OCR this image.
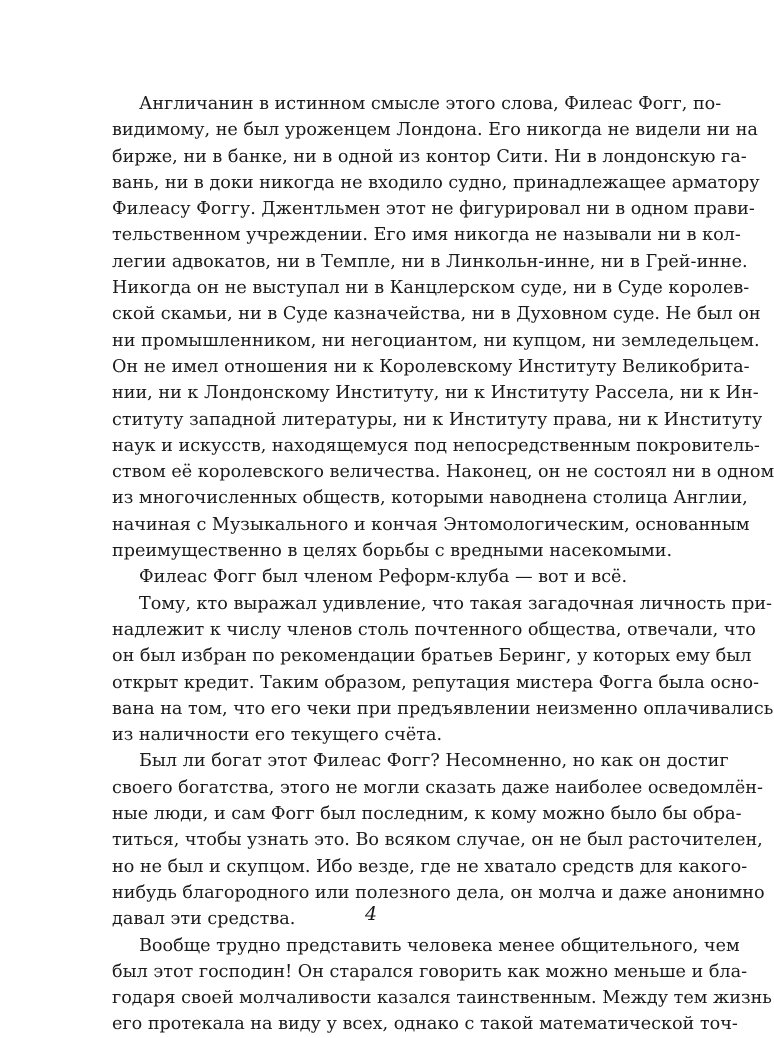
Англичанин в истинном смысле этого слова, Филеас Фогг, по-
видимому, не был уроженцем Лондона. Его никогда не видели ни на
бирже, ни в банке, ни в одной из контор Сити. Ни в лондонскую га-
вань, ни в доки никогда не входило судно, принадлежащее арматору
Филеасу Фоггу. Джентльмен этот не фигурировал ни в одном прави-
тельственном учреждении. Его имя никогда не называли ни в кол-
легии адвокатов, ни в Темпле, ни в Линкольн-инне, ни в Грей-инне.
Никогда он не выступал ни в Канцлерском суде, ни в Суде королев-
ской скамьи, ни в Суде казначейства, ни в Духовном суде. Не был он
ни промышленником, ни негоциантом, ни купцом, ни земледельцем.
Он не имел отношения ни к Королевскому Институту Великобрита-
нии, ни к Лондонскому Институту, ни к Институту Рассела, ни к Ин-
ституту западной литературы, ни к Институту права, ни к Институту
наук и искусств, находящемуся под непосредственным покровитель-
ством её королевского величества. Наконец, он не состоял ни в одном
из многочисленных обществ, которыми наводнена столица Англии,
начиная с Музыкального и кончая Энтомологическим, основанным
преимущественно в целях борьбы с вредными насекомыми.
Филеас Фогг был членом Реформ-клуба — вот и всё.
Тому, кто выражал удивление, что такая загадочная личность при-
надлежит к числу членов столь почтенного общества, отвечали, что
он был избран по рекомендации братьев Беринг, у которых ему был
открыт кредит. Таким образом, репутация мистера Фогга была осно-
вана на том, что его чеки при предъявлении неизменно оплачивались
из наличности его текущего счёта.
Был ли богат этот Филеас Фогг? Несомненно, но как он достиг
своего богатства, этого не могли сказать даже наиболее осведомлён-
ные люди, и сам Фогг был последним, к кому можно было бы обра-
титься, чтобы узнать это. Во всяком случае, он не был расточителен,
но не был и скупцом. Ибо везде, где не хватало средств для какого-
нибудь благородного или полезного дела, он молча и даже анонимно
давал эти средства.
Вообще трудно представить человека менее общительного, чем
был этот господин! Он старался говорить как можно меньше и бла-
годаря своей молчаливости казался таинственным. Между тем жизнь
его протекала на виду у всех, однако с такой математической точ-
4
